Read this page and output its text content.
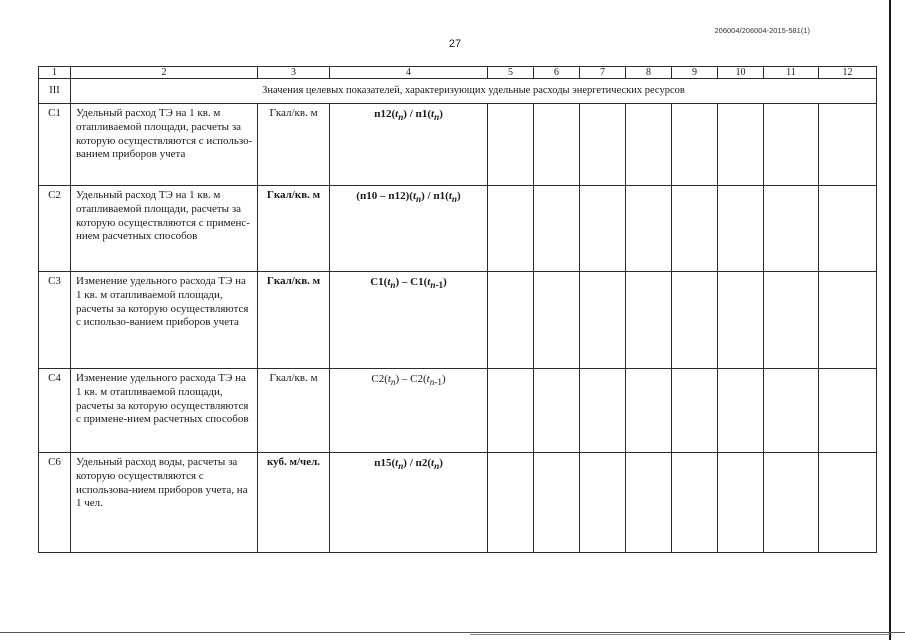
206004/206004-2015-581(1)
27
1	2	3	4	5	6	7	8	9	10	11	12
III	Значения целевых показателей, характеризующих удельные расходы энергетических ресурсов										
С1	Удельный расход ТЭ на 1 кв. м отапливаемой площади, расчеты за которую осуществляются с использо-ванием приборов учета	Гкал/кв. м	$п12(t_n) / п1(t_n)$								
С2	Удельный расход ТЭ на 1 кв. м отапливаемой площади, расчеты за которую осуществляются с применс-нием расчетных способов	Гкал/кв. м	$(п10 - п12)(t_n) / п1(t_n)$								
С3	Изменение удельного расхода ТЭ на 1 кв. м отапливаемой площади, расчеты за которую осуществляются с использо-ванием приборов учета	Гкал/кв. м	$С1(t_n) - С1(t_{n-1})$								
С4	Изменение удельного расхода ТЭ на 1 кв. м отапливаемой площади, расчеты за которую осуществляются с примене-нием расчетных способов	Гкал/кв. м	$С2(t_n) - С2(t_{n-1})$								
С6	Удельный расход воды, расчеты за которую осуществляются с использова-нием приборов учета, на 1 чел.	куб. м/чел.	$п15(t_n) / п2(t_n)$								
